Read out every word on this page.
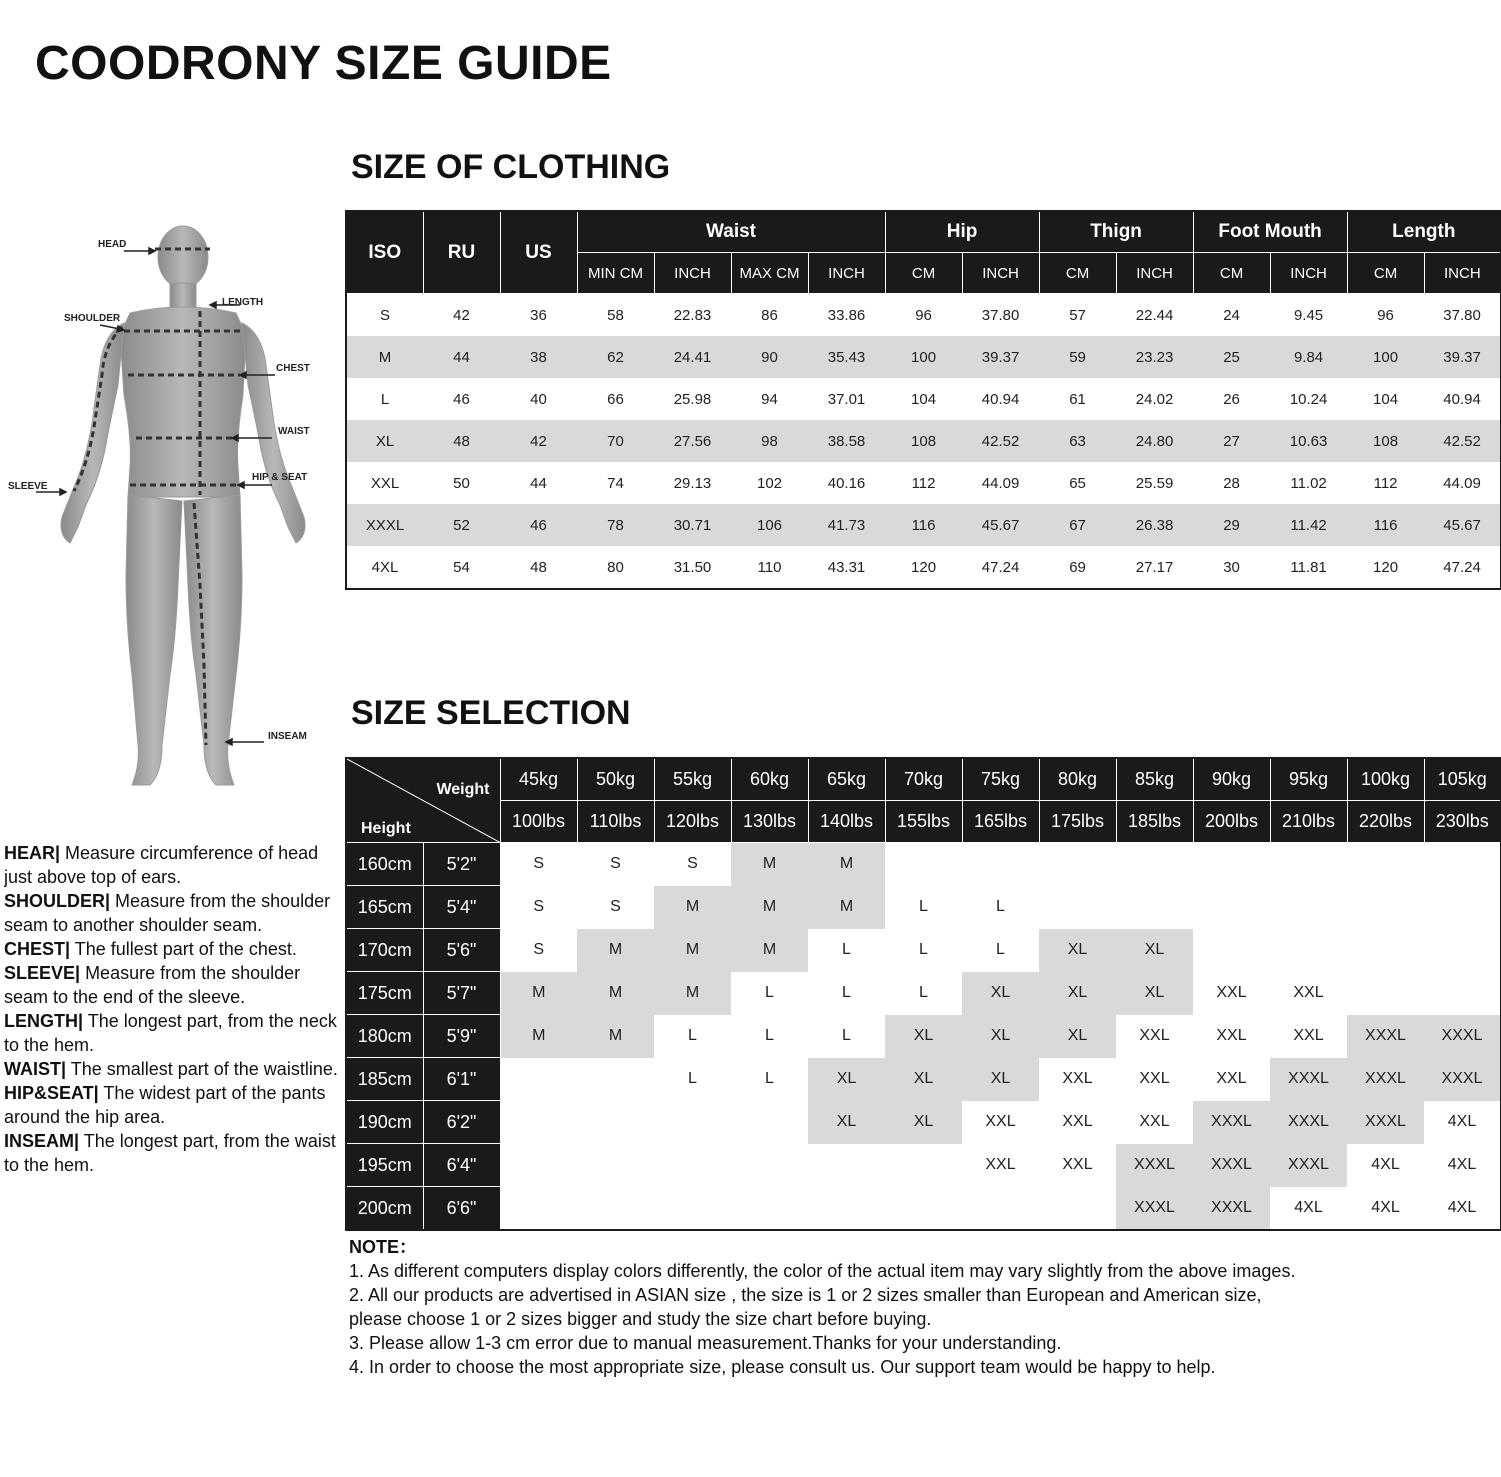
COODRONY SIZE GUIDE
SIZE OF CLOTHING
SIZE SELECTION
HEAD
LENGTH
SHOULDER
CHEST
WAIST
SLEEVE
HIP & SEAT
INSEAM

HEAR| Measure circumference of head just above top of ears.

SHOULDER| Measure from the shoulder seam to another shoulder seam.

CHEST| The fullest part of the chest.

SLEEVE| Measure from the shoulder seam to the end of the sleeve.

LENGTH| The longest part, from the neck to the hem.

WAIST| The smallest part of the waistline.

HIP&SEAT| The widest part of the pants around the hip area.

INSEAM| The longest part, from the waist to the hem.

ISO	RU	US	Waist				Hip		Thign		Foot Mouth		Length	
			MIN CM	INCH	MAX CM	INCH	CM	INCH	CM	INCH	CM	INCH	CM	INCH
S	42	36	58	22.83	86	33.86	96	37.80	57	22.44	24	9.45	96	37.80
M	44	38	62	24.41	90	35.43	100	39.37	59	23.23	25	9.84	100	39.37
L	46	40	66	25.98	94	37.01	104	40.94	61	24.02	26	10.24	104	40.94
XL	48	42	70	27.56	98	38.58	108	42.52	63	24.80	27	10.63	108	42.52
XXL	50	44	74	29.13	102	40.16	112	44.09	65	25.59	28	11.02	112	44.09
XXXL	52	46	78	30.71	106	41.73	116	45.67	67	26.38	29	11.42	116	45.67
4XL	54	48	80	31.50	110	43.31	120	47.24	69	27.17	30	11.81	120	47.24
Weight
Height		45kg	50kg	55kg	60kg	65kg	70kg	75kg	80kg	85kg	90kg	95kg	100kg	105kg
		100lbs	110lbs	120lbs	130lbs	140lbs	155lbs	165lbs	175lbs	185lbs	200lbs	210lbs	220lbs	230lbs
160cm	5'2"	S	S	S	M	M								
165cm	5'4"	S	S	M	M	M	L	L						
170cm	5'6"	S	M	M	M	L	L	L	XL	XL				
175cm	5'7"	M	M	M	L	L	L	XL	XL	XL	XXL	XXL		
180cm	5'9"	M	M	L	L	L	XL	XL	XL	XXL	XXL	XXL	XXXL	XXXL
185cm	6'1"			L	L	XL	XL	XL	XXL	XXL	XXL	XXXL	XXXL	XXXL
190cm	6'2"					XL	XL	XXL	XXL	XXL	XXXL	XXXL	XXXL	4XL
195cm	6'4"							XXL	XXL	XXXL	XXXL	XXXL	4XL	4XL
200cm	6'6"									XXXL	XXXL	4XL	4XL	4XL

NOTE：

1. As different computers display colors differently, the color of the actual item may vary slightly from the above images.

2. All our products are advertised in ASIAN size , the size is 1 or 2 sizes smaller than European and American size,

please choose 1 or 2 sizes bigger and study the size chart before buying.

3. Please allow 1-3 cm error due to manual measurement.Thanks for your understanding.

4. In order to choose the most appropriate size, please consult us. Our support team would be happy to help.
